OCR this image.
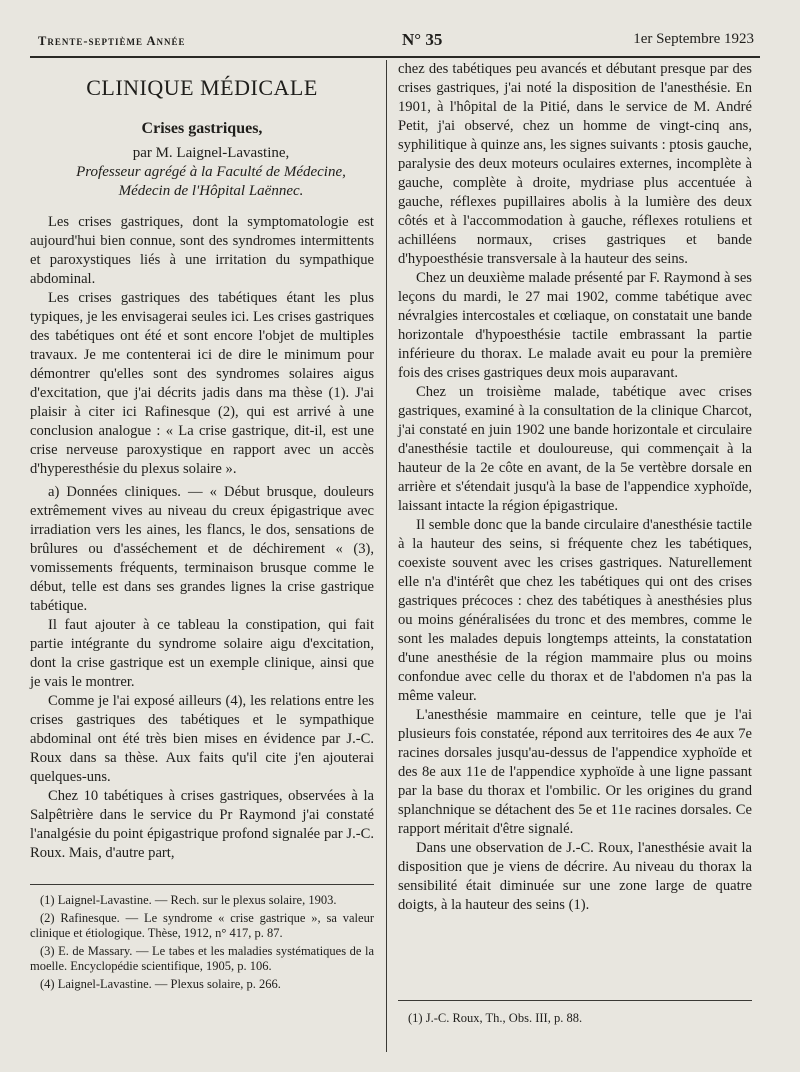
Trente-septième Année	N° 35	1er Septembre 1923
CLINIQUE MÉDICALE
Crises gastriques,

par M. Laignel-Lavastine,

Professeur agrégé à la Faculté de Médecine,

Médecin de l'Hôpital Laënnec.

Les crises gastriques, dont la symptomatologie est aujourd'hui bien connue, sont des syndromes intermittents et paroxystiques liés à une irritation du sympathique abdominal.

Les crises gastriques des tabétiques étant les plus typiques, je les envisagerai seules ici. Les crises gastriques des tabétiques ont été et sont encore l'objet de multiples travaux. Je me contenterai ici de dire le minimum pour démontrer qu'elles sont des syndromes solaires aigus d'excitation, que j'ai décrits jadis dans ma thèse (1). J'ai plaisir à citer ici Rafinesque (2), qui est arrivé à une conclusion analogue : « La crise gastrique, dit-il, est une crise nerveuse paroxystique en rapport avec un accès d'hyperesthésie du plexus solaire ».

a) Données cliniques. — « Début brusque, douleurs extrêmement vives au niveau du creux épigastrique avec irradiation vers les aines, les flancs, le dos, sensations de brûlures ou d'asséchement et de déchirement « (3), vomissements fréquents, terminaison brusque comme le début, telle est dans ses grandes lignes la crise gastrique tabétique.

Il faut ajouter à ce tableau la constipation, qui fait partie intégrante du syndrome solaire aigu d'excitation, dont la crise gastrique est un exemple clinique, ainsi que je vais le montrer.

Comme je l'ai exposé ailleurs (4), les relations entre les crises gastriques des tabétiques et le sympathique abdominal ont été très bien mises en évidence par J.-C. Roux dans sa thèse. Aux faits qu'il cite j'en ajouterai quelques-uns.

Chez 10 tabétiques à crises gastriques, observées à la Salpêtrière dans le service du Pr Raymond j'ai constaté l'analgésie du point épigastrique profond signalée par J.-C. Roux. Mais, d'autre part,

(1) Laignel-Lavastine. — Rech. sur le plexus solaire, 1903.

(2) Rafinesque. — Le syndrome « crise gastrique », sa valeur clinique et étiologique. Thèse, 1912, n° 417, p. 87.

(3) E. de Massary. — Le tabes et les maladies systématiques de la moelle. Encyclopédie scientifique, 1905, p. 106.

(4) Laignel-Lavastine. — Plexus solaire, p. 266.

chez des tabétiques peu avancés et débutant presque par des crises gastriques, j'ai noté la disposition de l'anesthésie. En 1901, à l'hôpital de la Pitié, dans le service de M. André Petit, j'ai observé, chez un homme de vingt-cinq ans, syphilitique à quinze ans, les signes suivants : ptosis gauche, paralysie des deux moteurs oculaires externes, incomplète à gauche, complète à droite, mydriase plus accentuée à gauche, réflexes pupillaires abolis à la lumière des deux côtés et à l'accommodation à gauche, réflexes rotuliens et achilléens normaux, crises gastriques et bande d'hypoesthésie transversale à la hauteur des seins.

Chez un deuxième malade présenté par F. Raymond à ses leçons du mardi, le 27 mai 1902, comme tabétique avec névralgies intercostales et cœliaque, on constatait une bande horizontale d'hypoesthésie tactile embrassant la partie inférieure du thorax. Le malade avait eu pour la première fois des crises gastriques deux mois auparavant.

Chez un troisième malade, tabétique avec crises gastriques, examiné à la consultation de la clinique Charcot, j'ai constaté en juin 1902 une bande horizontale et circulaire d'anesthésie tactile et douloureuse, qui commençait à la hauteur de la 2e côte en avant, de la 5e vertèbre dorsale en arrière et s'étendait jusqu'à la base de l'appendice xyphoïde, laissant intacte la région épigastrique.

Il semble donc que la bande circulaire d'anesthésie tactile à la hauteur des seins, si fréquente chez les tabétiques, coexiste souvent avec les crises gastriques. Naturellement elle n'a d'intérêt que chez les tabétiques qui ont des crises gastriques précoces : chez des tabétiques à anesthésies plus ou moins généralisées du tronc et des membres, comme le sont les malades depuis longtemps atteints, la constatation d'une anesthésie de la région mammaire plus ou moins confondue avec celle du thorax et de l'abdomen n'a pas la même valeur.

L'anesthésie mammaire en ceinture, telle que je l'ai plusieurs fois constatée, répond aux territoires des 4e aux 7e racines dorsales jusqu'au-dessus de l'appendice xyphoïde et des 8e aux 11e de l'appendice xyphoïde à une ligne passant par la base du thorax et l'ombilic. Or les origines du grand splanchnique se détachent des 5e et 11e racines dorsales. Ce rapport méritait d'être signalé.

Dans une observation de J.-C. Roux, l'anesthésie avait la disposition que je viens de décrire. Au niveau du thorax la sensibilité était diminuée sur une zone large de quatre doigts, à la hauteur des seins (1).

(1) J.-C. Roux, Th., Obs. III, p. 88.
